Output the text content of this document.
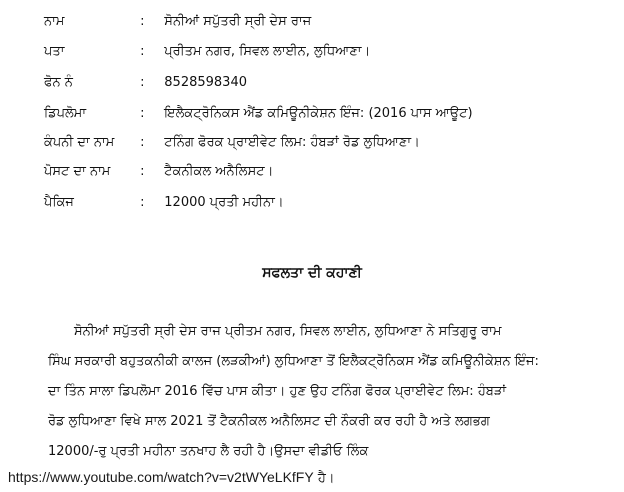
ਨਾਮ	: ਸੋਨੀਆਂ ਸਪੁੱਤਰੀ ਸ੍ਰੀ ਦੇਸ ਰਾਜ
ਪਤਾ	: ਪ੍ਰੀਤਮ ਨਗਰ, ਸਿਵਲ ਲਾਈਨ, ਲੁਧਿਆਣਾ।
ਫੋਨ ਨੰ	: 8528598340
ਡਿਪਲੋਮਾ	: ਇਲੈਕਟ੍ਰੋਨਿਕਸ ਐਂਡ ਕਮਿਊਨੀਕੇਸ਼ਨ ਇੰਜ: (2016 ਪਾਸ ਆਊਟ)
ਕੰਪਨੀ ਦਾ ਨਾਮ : ਟਨਿੰਗ ਫੋਰਕ ਪ੍ਰਾਈਵੇਟ ਲਿਮ: ਹੰਬੜਾਂ ਰੋਡ ਲੁਧਿਆਣਾ।
ਪੋਸਟ ਦਾ ਨਾਮ : ਟੈਕਨੀਕਲ ਅਨੈਲਿਸਟ।
ਪੈਕਿਜ	: 12000 ਪ੍ਰਤੀ ਮਹੀਨਾ।
ਸਫਲਤਾ ਦੀ ਕਹਾਣੀ
ਸੋਨੀਆਂ ਸਪੁੱਤਰੀ ਸ੍ਰੀ ਦੇਸ ਰਾਜ ਪ੍ਰੀਤਮ ਨਗਰ, ਸਿਵਲ ਲਾਈਨ, ਲੁਧਿਆਣਾ ਨੇ ਸਤਿਗੁਰੂ ਰਾਮ
ਸਿੰਘ ਸਰਕਾਰੀ ਬਹੁਤਕਨੀਕੀ ਕਾਲਜ (ਲੜਕੀਆਂ) ਲੁਧਿਆਣਾ ਤੋਂ ਇਲੈਕਟ੍ਰੋਨਿਕਸ ਐਂਡ ਕਮਿਊਨੀਕੇਸ਼ਨ ਇੰਜ:
ਦਾ ਤਿੰਨ ਸਾਲਾ ਡਿਪਲੋਮਾ 2016 ਵਿੱਚ ਪਾਸ ਕੀਤਾ। ਹੁਣ ਉਹ ਟਨਿੰਗ ਫੋਰਕ ਪ੍ਰਾਈਵੇਟ ਲਿਮ: ਹੰਬੜਾਂ
ਰੋਡ ਲੁਧਿਆਣਾ ਵਿਖੇ ਸਾਲ 2021 ਤੋਂ ਟੈਕਨੀਕਲ ਅਨੈਲਿਸਟ ਦੀ ਨੌਕਰੀ ਕਰ ਰਹੀ ਹੈ ਅਤੇ ਲਗਭਗ
12000/-ਰੁ ਪ੍ਰਤੀ ਮਹੀਨਾ ਤਨਖਾਹ ਲੈ ਰਹੀ ਹੈ।ਉਸਦਾ ਵੀਡੀਓ ਲਿੰਕ
https://www.youtube.com/watch?v=v2tWYeLKfFY ਹੈ।
